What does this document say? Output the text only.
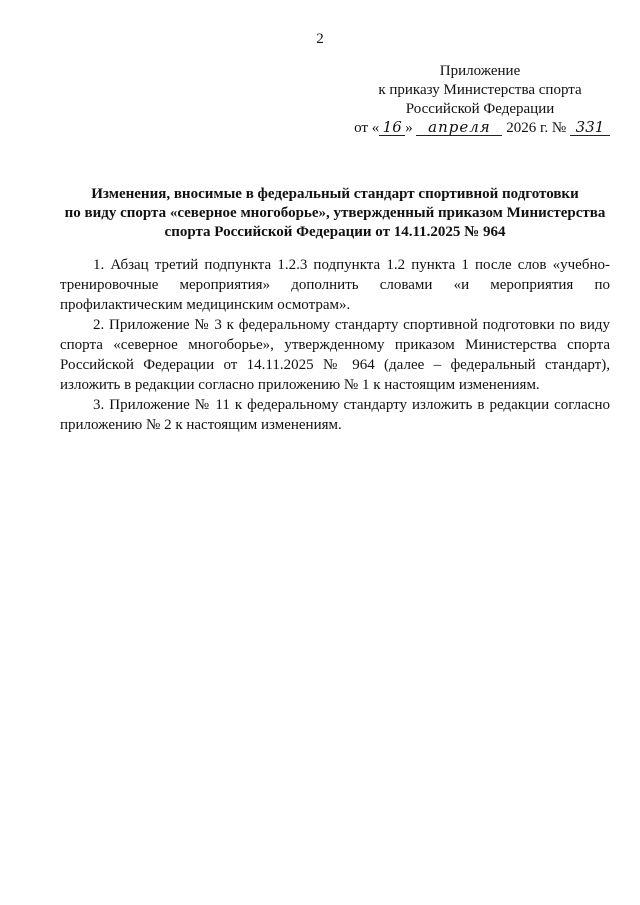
2
Приложение
к приказу Министерства спорта
Российской Федерации
от « 16 » апреля 2026 г. № 331
Изменения, вносимые в федеральный стандарт спортивной подготовки
по виду спорта «северное многоборье», утвержденный приказом Министерства
спорта Российской Федерации от 14.11.2025 № 964

1. Абзац третий подпункта 1.2.3 подпункта 1.2 пункта 1 после слов «учебно-тренировочные мероприятия» дополнить словами «и мероприятия по профилактическим медицинским осмотрам».

2. Приложение № 3 к федеральному стандарту спортивной подготовки по виду спорта «северное многоборье», утвержденному приказом Министерства спорта Российской Федерации от 14.11.2025 № 964 (далее – федеральный стандарт), изложить в редакции согласно приложению № 1 к настоящим изменениям.

3. Приложение № 11 к федеральному стандарту изложить в редакции согласно приложению № 2 к настоящим изменениям.
